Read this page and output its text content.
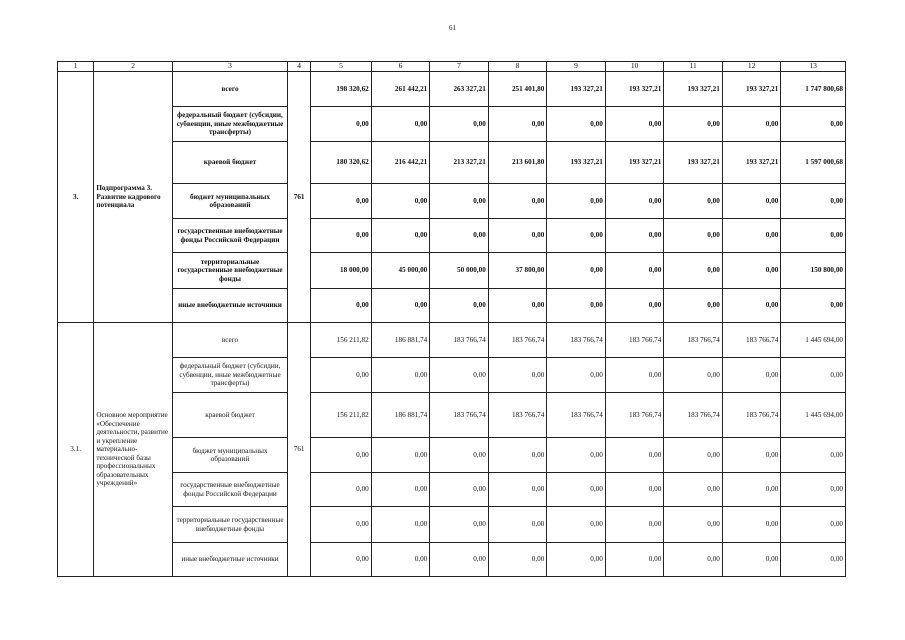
61
1	2	3	4	5	6	7	8	9	10	11	12	13
3.	Подпрограмма 3. Развитие кадрового потенциала	всего	761	198 320,62	261 442,21	263 327,21	251 401,80	193 327,21	193 327,21	193 327,21	193 327,21	1 747 800,68
		федеральный бюджет (субсидии, субвенции, иные межбюджетные трансферты)		0,00	0,00	0,00	0,00	0,00	0,00	0,00	0,00	0,00
		краевой бюджет		180 320,62	216 442,21	213 327,21	213 601,80	193 327,21	193 327,21	193 327,21	193 327,21	1 597 000,68
		бюджет муниципальных образований		0,00	0,00	0,00	0,00	0,00	0,00	0,00	0,00	0,00
		государственные внебюджетные фонды Российской Федерации		0,00	0,00	0,00	0,00	0,00	0,00	0,00	0,00	0,00
		территориальные государственные внебюджетные фонды		18 000,00	45 000,00	50 000,00	37 800,00	0,00	0,00	0,00	0,00	150 800,00
		иные внебюджетные источники		0,00	0,00	0,00	0,00	0,00	0,00	0,00	0,00	0,00
3.1.	Основное мероприятие «Обеспечение деятельности, развитие и укрепление материально-технической базы профессиональных образовательных учреждений»	всего	761	156 211,82	186 881,74	183 766,74	183 766,74	183 766,74	183 766,74	183 766,74	183 766,74	1 445 694,00
		федеральный бюджет (субсидии, субвенции, иные межбюджетные трансферты)		0,00	0,00	0,00	0,00	0,00	0,00	0,00	0,00	0,00
		краевой бюджет		156 211,82	186 881,74	183 766,74	183 766,74	183 766,74	183 766,74	183 766,74	183 766,74	1 445 694,00
		бюджет муниципальных образований		0,00	0,00	0,00	0,00	0,00	0,00	0,00	0,00	0,00
		государственные внебюджетные фонды Российской Федерации		0,00	0,00	0,00	0,00	0,00	0,00	0,00	0,00	0,00
		территориальные государственные внебюджетные фонды		0,00	0,00	0,00	0,00	0,00	0,00	0,00	0,00	0,00
		иные внебюджетные источники		0,00	0,00	0,00	0,00	0,00	0,00	0,00	0,00	0,00
